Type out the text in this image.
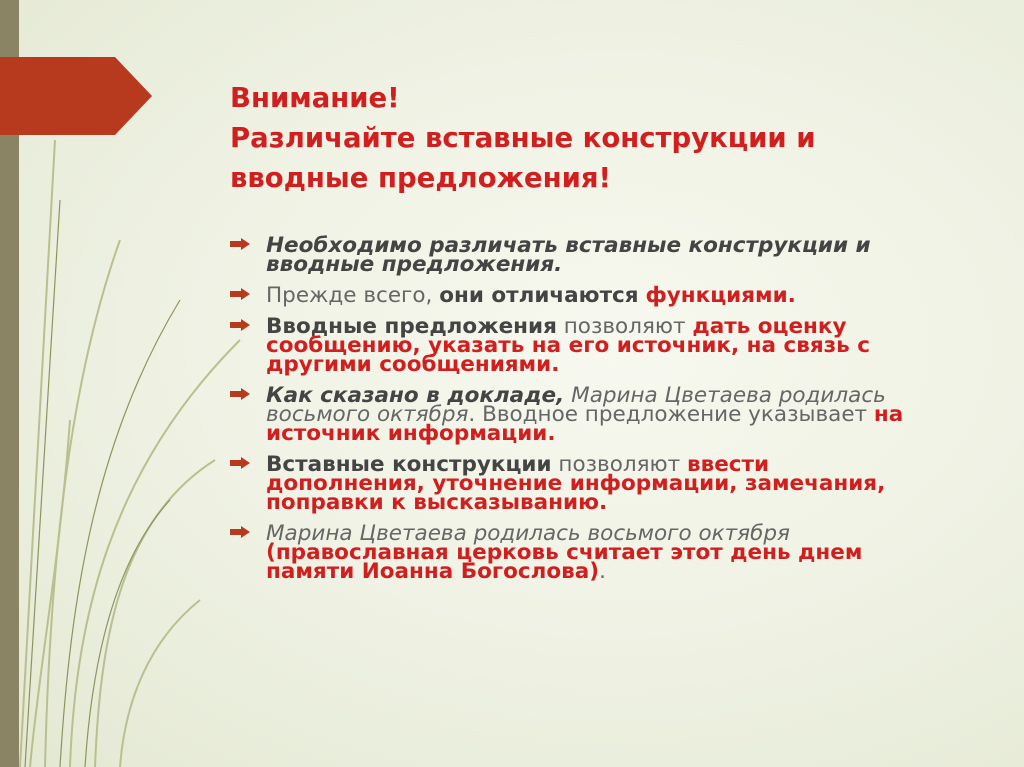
Внимание!
Различайте вставные конструкции и
вводные предложения!
Необходимо различать вставные конструкции и вводные предложения.
Прежде всего, они отличаются функциями.
Вводные предложения позволяют дать оценку сообщению, указать на его источник, на связь с другими сообщениями.
Как сказано в докладе, Марина Цветаева родилась восьмого октября. Вводное предложение указывает на источник информации.
Вставные конструкции позволяют ввести дополнения, уточнение информации, замечания, поправки к высказыванию.
Марина Цветаева родилась восьмого октября (православная церковь считает этот день днем памяти Иоанна Богослова).
